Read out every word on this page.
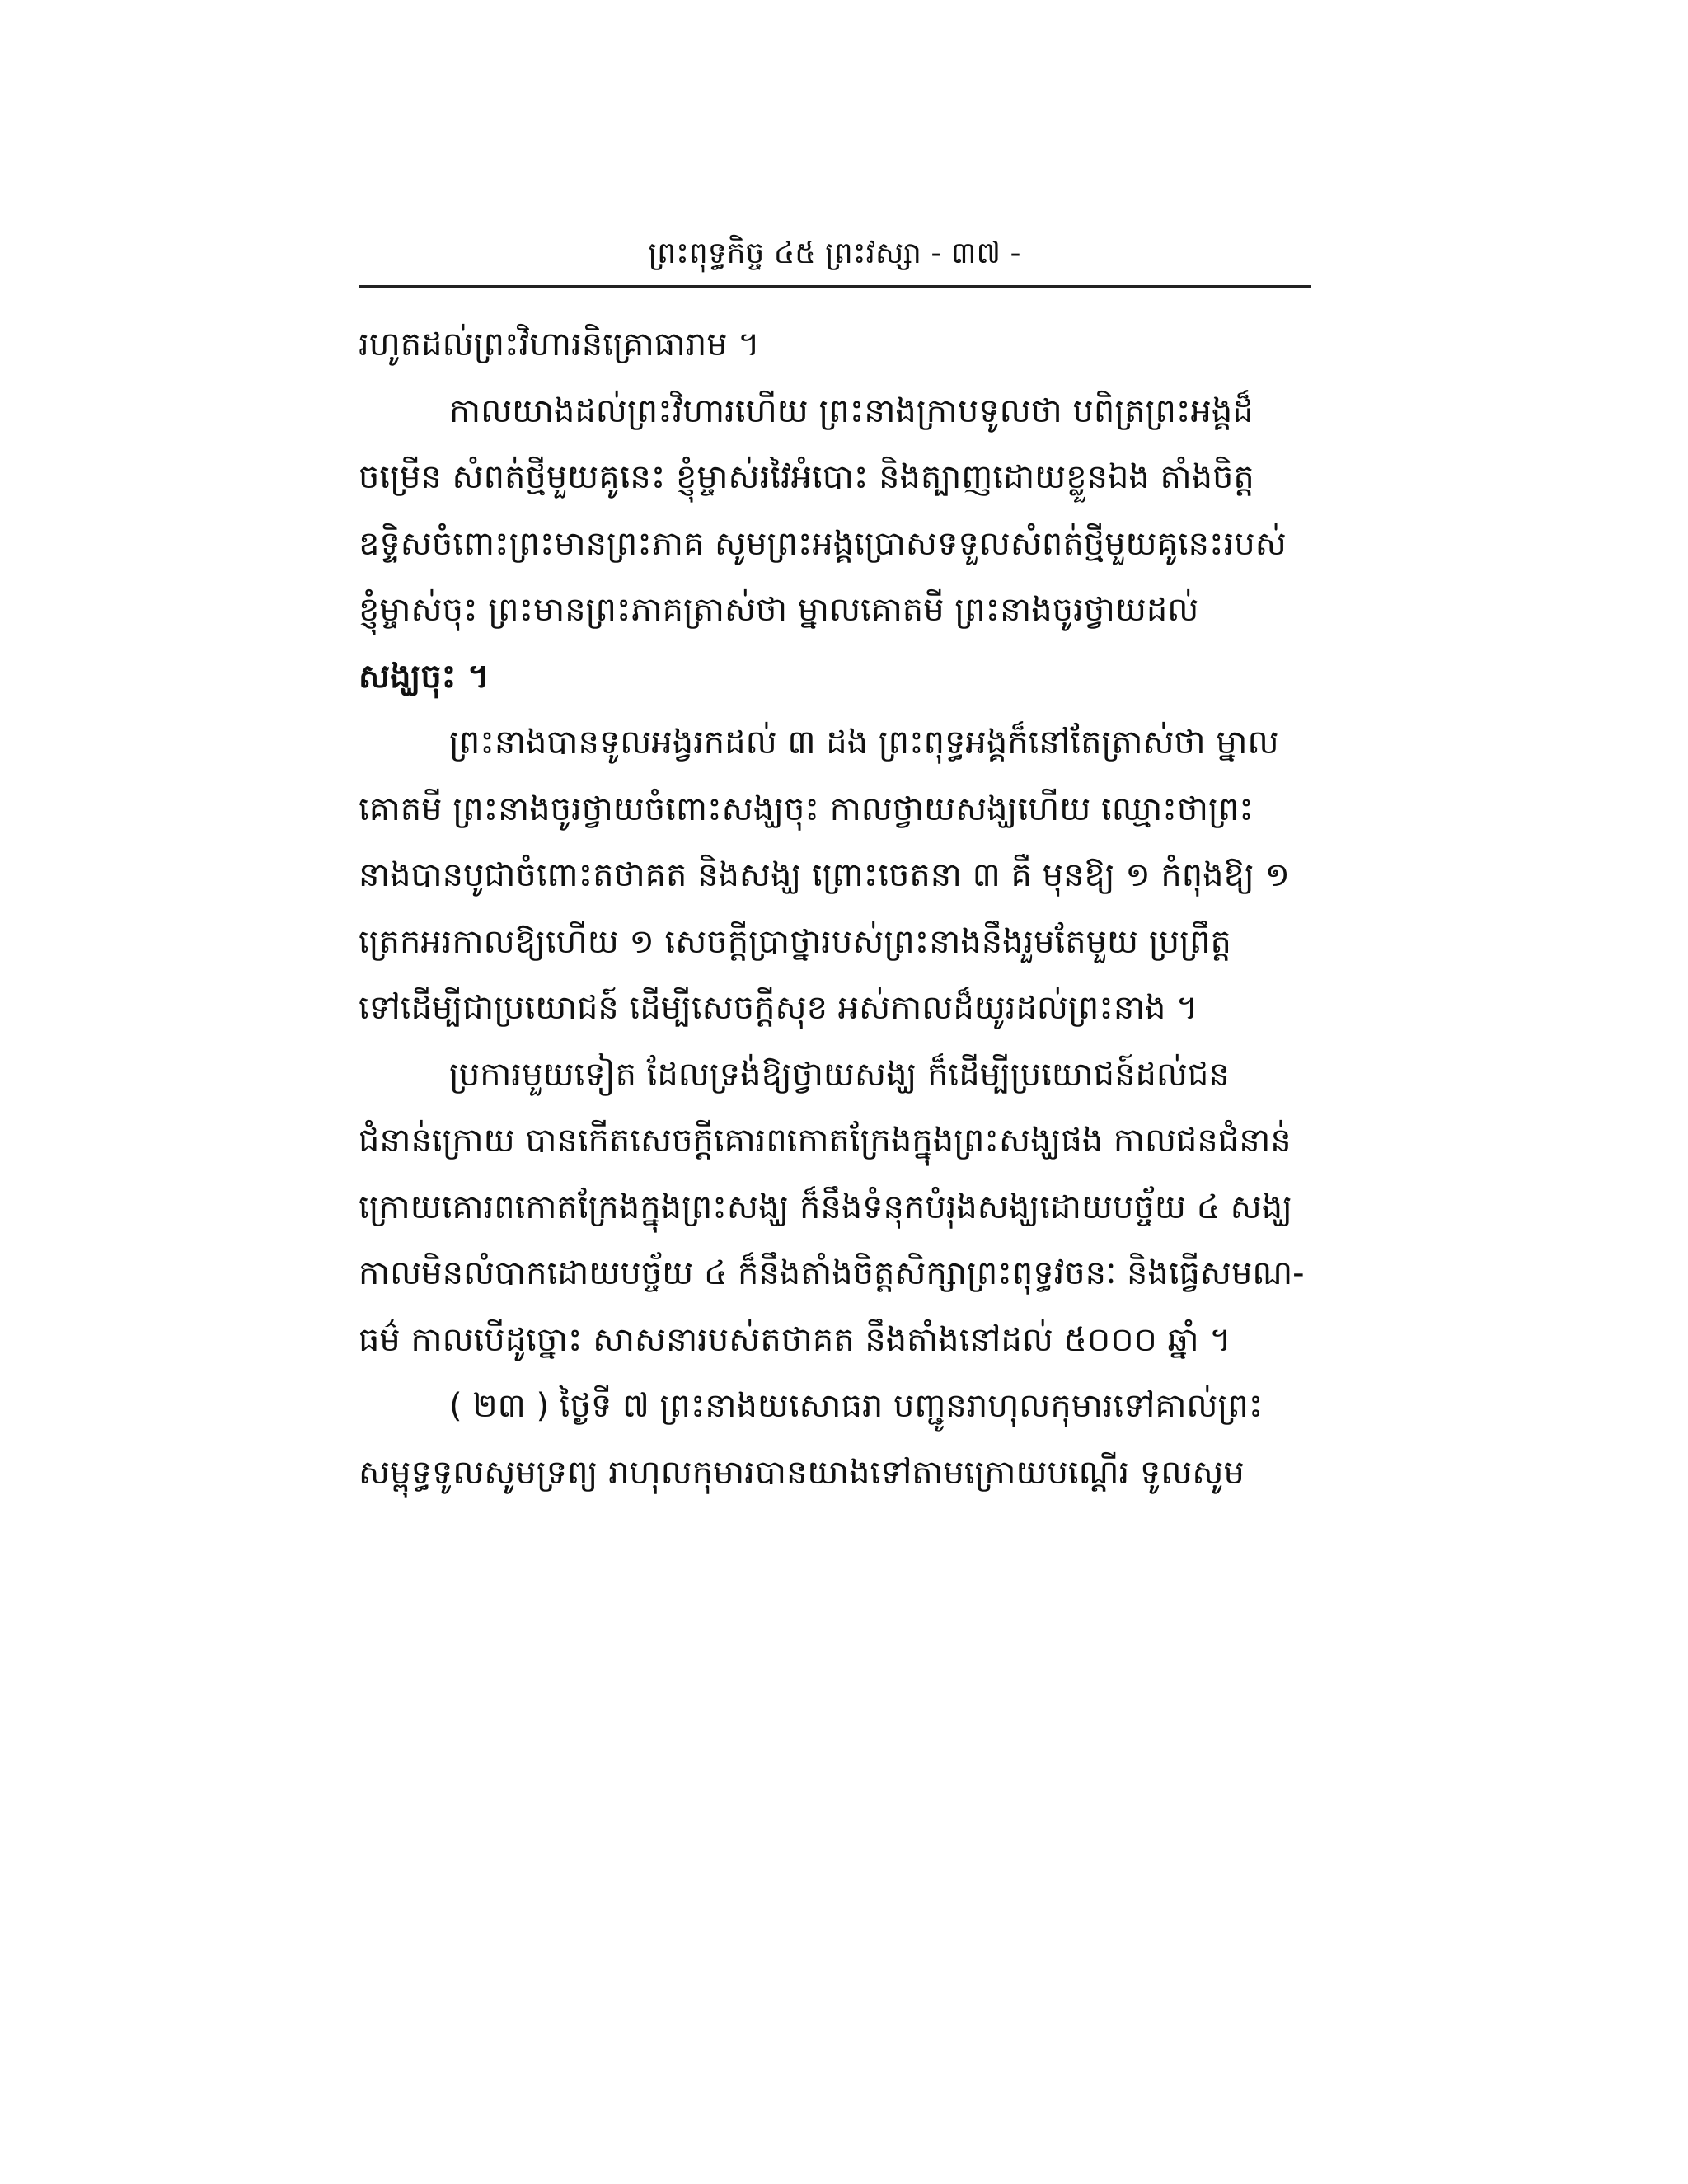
ព្រះពុទ្ធកិច្ច ៤៥ ព្រះវស្សា - ៣៧ -
រហូតដល់ព្រះវិហារនិគ្រោធារាម ។
កាលយាងដល់ព្រះវិហារហើយ ព្រះនាងក្រាបទូលថា បពិត្រព្រះអង្គដ៏
ចម្រើន សំពត់ថ្មីមួយគូនេះ ខ្ញុំម្ចាស់រវៃអំបោះ និងត្បាញដោយខ្លួនឯង តាំងចិត្ត
ឧទ្ទិសចំពោះព្រះមានព្រះភាគ សូមព្រះអង្គប្រោសទទួលសំពត់ថ្មីមួយគូនេះរបស់
ខ្ញុំម្ចាស់ចុះ ព្រះមានព្រះភាគត្រាស់ថា ម្នាលគោតមី ព្រះនាងចូរថ្វាយដល់
សង្ឃចុះ ។
ព្រះនាងបានទូលអង្វរកដល់ ៣ ដង ព្រះពុទ្ធអង្គក៏នៅតែត្រាស់ថា ម្នាល
គោតមី ព្រះនាងចូរថ្វាយចំពោះសង្ឃចុះ កាលថ្វាយសង្ឃហើយ ឈ្មោះថាព្រះ
នាងបានបូជាចំពោះតថាគត និងសង្ឃ ព្រោះចេតនា ៣ គឺ មុនឱ្យ ១ កំពុងឱ្យ ១
ត្រេកអរកាលឱ្យហើយ ១ សេចក្តីប្រាថ្នារបស់ព្រះនាងនឹងរួមតែមួយ ប្រព្រឹត្ត
ទៅដើម្បីជាប្រយោជន៍ ដើម្បីសេចក្តីសុខ អស់កាលដ៏យូរដល់ព្រះនាង ។
ប្រការមួយទៀត ដែលទ្រង់ឱ្យថ្វាយសង្ឃ ក៏ដើម្បីប្រយោជន៍ដល់ជន
ជំនាន់ក្រោយ បានកើតសេចក្តីគោរពកោតក្រែងក្នុងព្រះសង្ឃផង កាលជនជំនាន់
ក្រោយគោរពកោតក្រែងក្នុងព្រះសង្ឃ ក៏នឹងទំនុកបំរុងសង្ឃដោយបច្ច័យ ៤ សង្ឃ
កាលមិនលំបាកដោយបច្ច័យ ៤ ក៏នឹងតាំងចិត្តសិក្សាព្រះពុទ្ធវចនៈ និងធ្វើសមណ-
ធម៌ កាលបើដូច្នោះ សាសនារបស់តថាគត នឹងតាំងនៅដល់ ៥០០០ ឆ្នាំ ។
( ២៣ ) ថ្ងៃទី ៧ ព្រះនាងយសោធរា បញ្ជូនរាហុលកុមារទៅគាល់ព្រះ
សម្ពុទ្ធទូលសូមទ្រព្យ រាហុលកុមារបានយាងទៅតាមក្រោយបណ្តើរ ទូលសូម
